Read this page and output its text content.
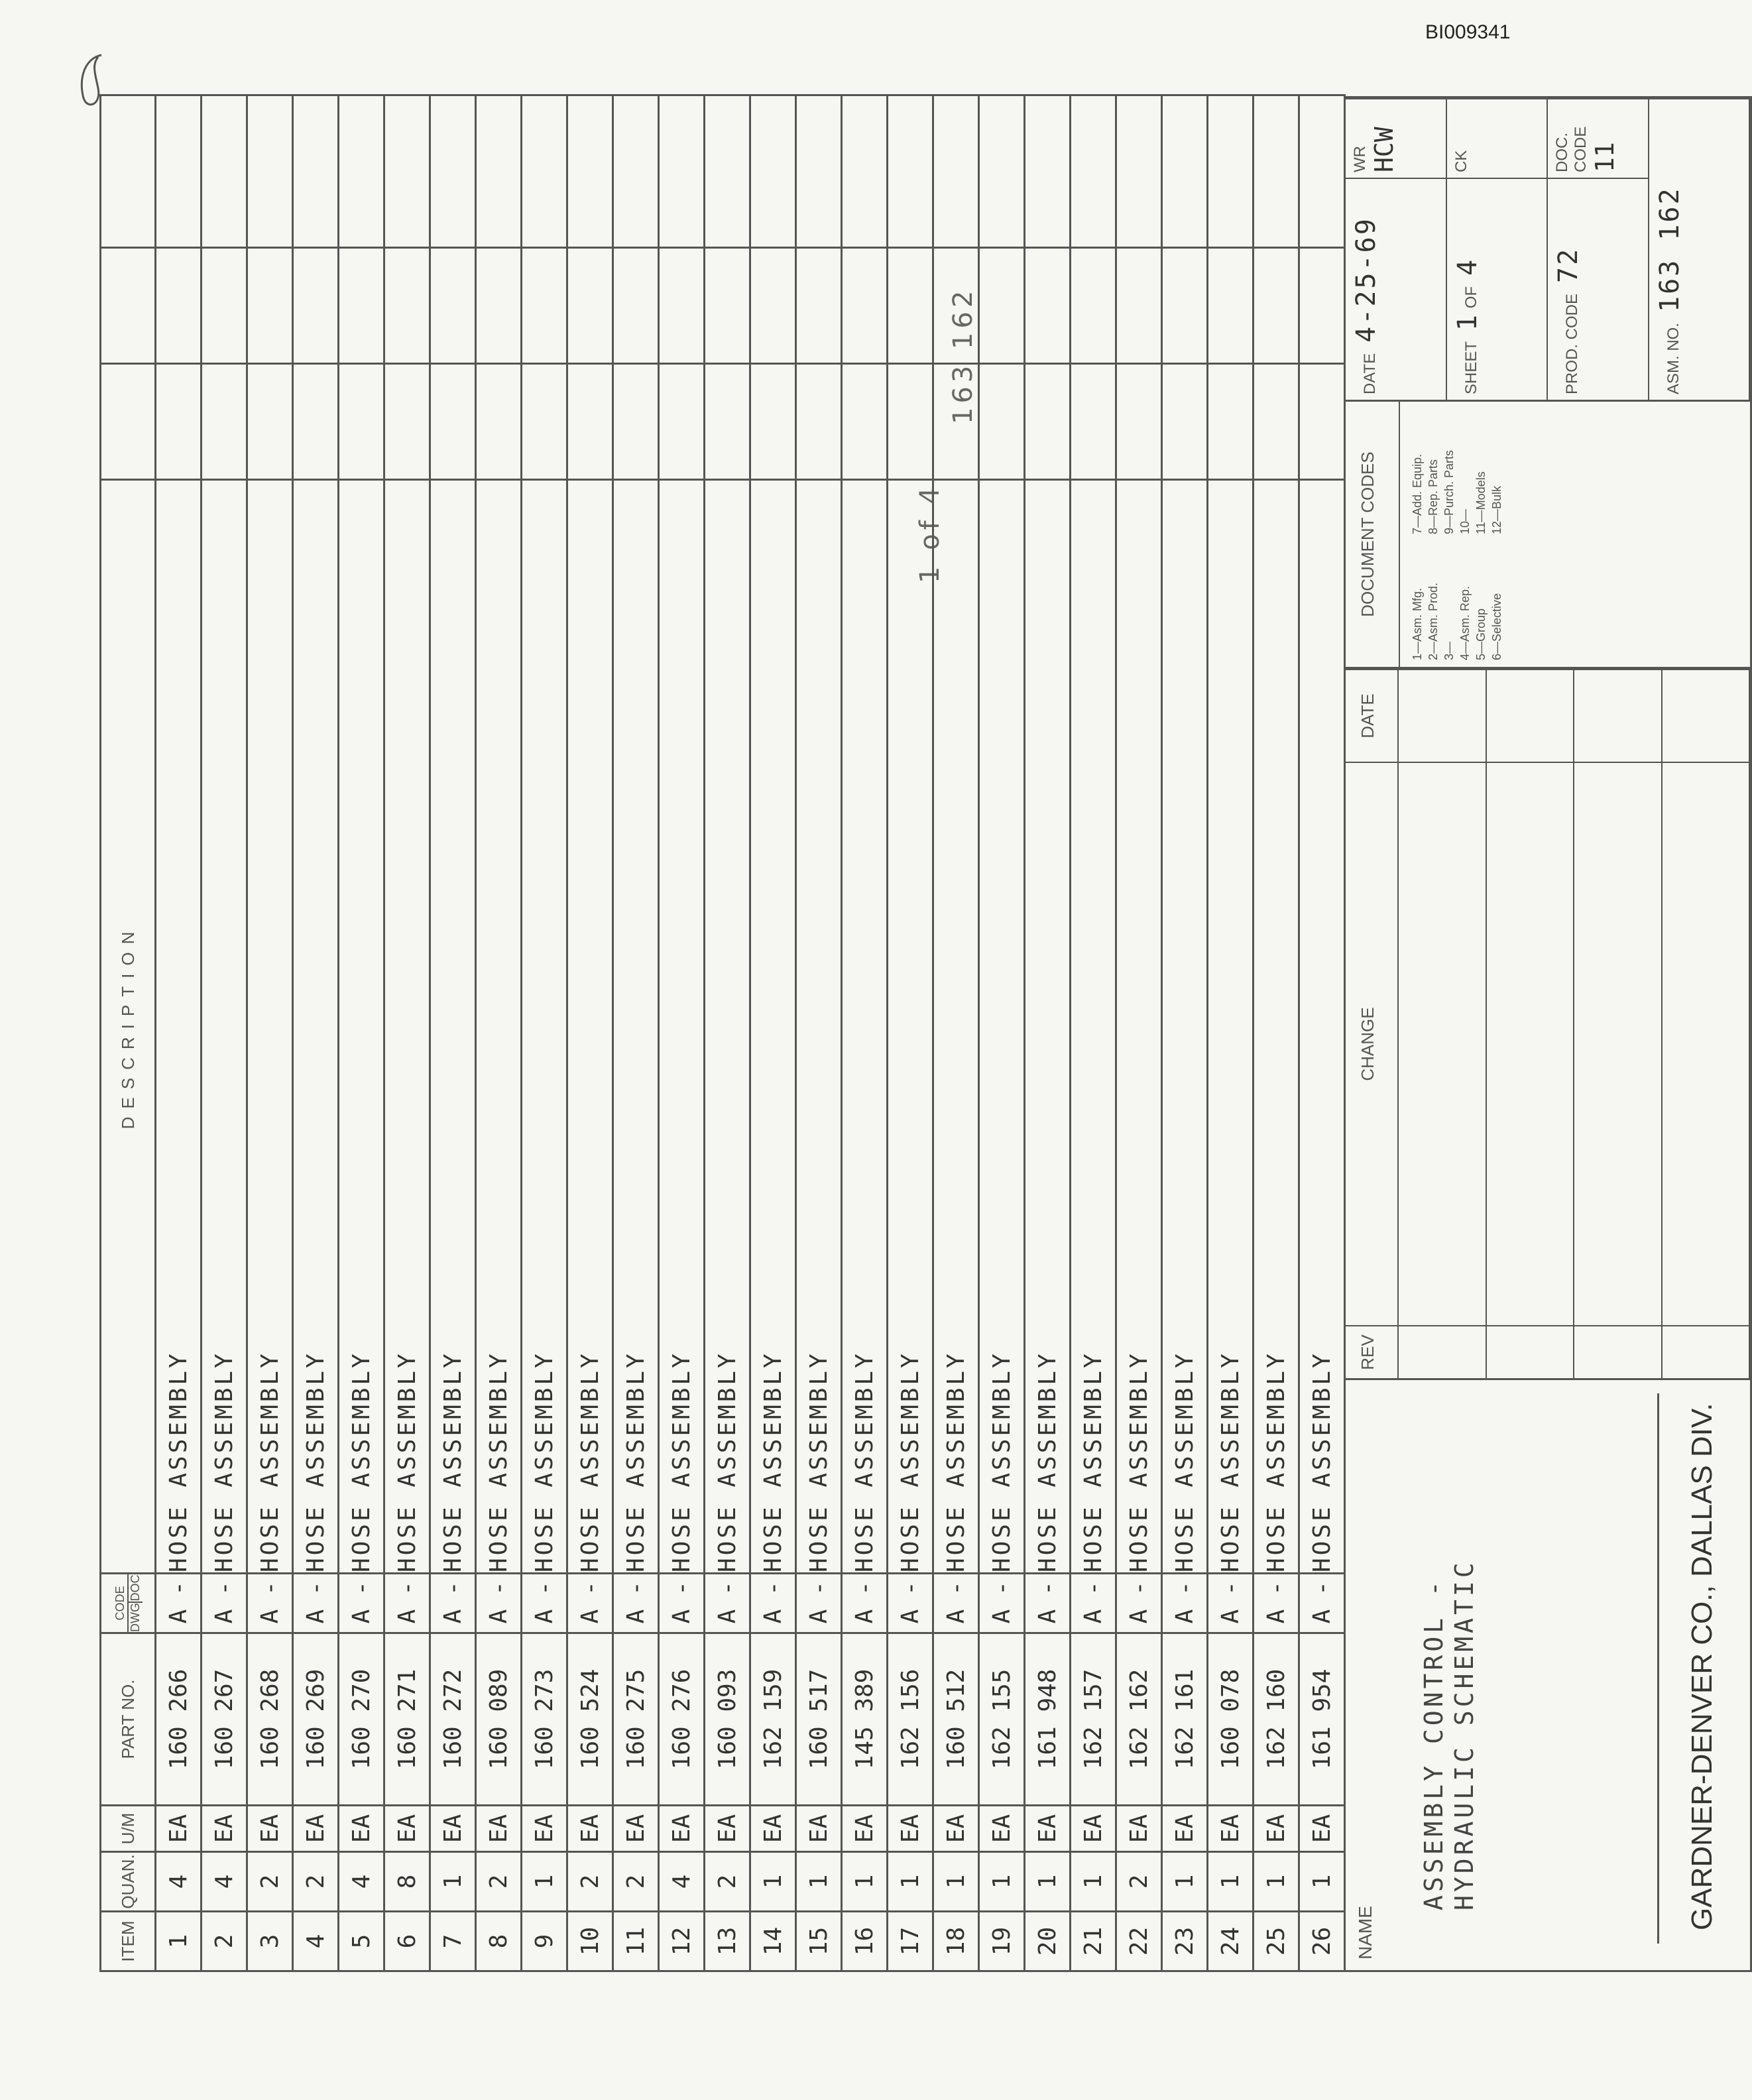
BI009341
163 162
1 of 4
ITEM	QUAN.	U/M	PART NO.	CODE DWG
DOC	DESCRIPTION			
1	4	EA	160 266	A-	HOSE ASSEMBLY			
2	4	EA	160 267	A-	HOSE ASSEMBLY			
3	2	EA	160 268	A-	HOSE ASSEMBLY			
4	2	EA	160 269	A-	HOSE ASSEMBLY			
5	4	EA	160 270	A-	HOSE ASSEMBLY			
6	8	EA	160 271	A-	HOSE ASSEMBLY			
7	1	EA	160 272	A-	HOSE ASSEMBLY			
8	2	EA	160 089	A-	HOSE ASSEMBLY			
9	1	EA	160 273	A-	HOSE ASSEMBLY			
10	2	EA	160 524	A-	HOSE ASSEMBLY			
11	2	EA	160 275	A-	HOSE ASSEMBLY			
12	4	EA	160 276	A-	HOSE ASSEMBLY			
13	2	EA	160 093	A-	HOSE ASSEMBLY			
14	1	EA	162 159	A-	HOSE ASSEMBLY			
15	1	EA	160 517	A-	HOSE ASSEMBLY			
16	1	EA	145 389	A-	HOSE ASSEMBLY			
17	1	EA	162 156	A-	HOSE ASSEMBLY			
18	1	EA	160 512	A-	HOSE ASSEMBLY			
19	1	EA	162 155	A-	HOSE ASSEMBLY			
20	1	EA	161 948	A-	HOSE ASSEMBLY			
21	1	EA	162 157	A-	HOSE ASSEMBLY			
22	2	EA	162 162	A-	HOSE ASSEMBLY			
23	1	EA	162 161	A-	HOSE ASSEMBLY			
24	1	EA	160 078	A-	HOSE ASSEMBLY			
25	1	EA	162 160	A-	HOSE ASSEMBLY			
26	1	EA	161 954	A-	HOSE ASSEMBLY			
NAME
ASSEMBLY CONTROL - HYDRAULIC SCHEMATIC	GARDNER-DENVER CO., DALLAS DIV.
REV
CHANGE
DATE
DOCUMENT CODES
1—Asm. Mfg. 2—Asm. Prod. 3— 4—Asm. Rep. 5—Group 6—Selective
7—Add. Equip. 8—Rep. Parts 9—Purch. Parts 10— 11—Models 12—Bulk
DATE4-25-69
WR HCW
SHEET1 OF4
CK
PROD. CODE72
DOC. CODE 11
ASM. NO.163 162
